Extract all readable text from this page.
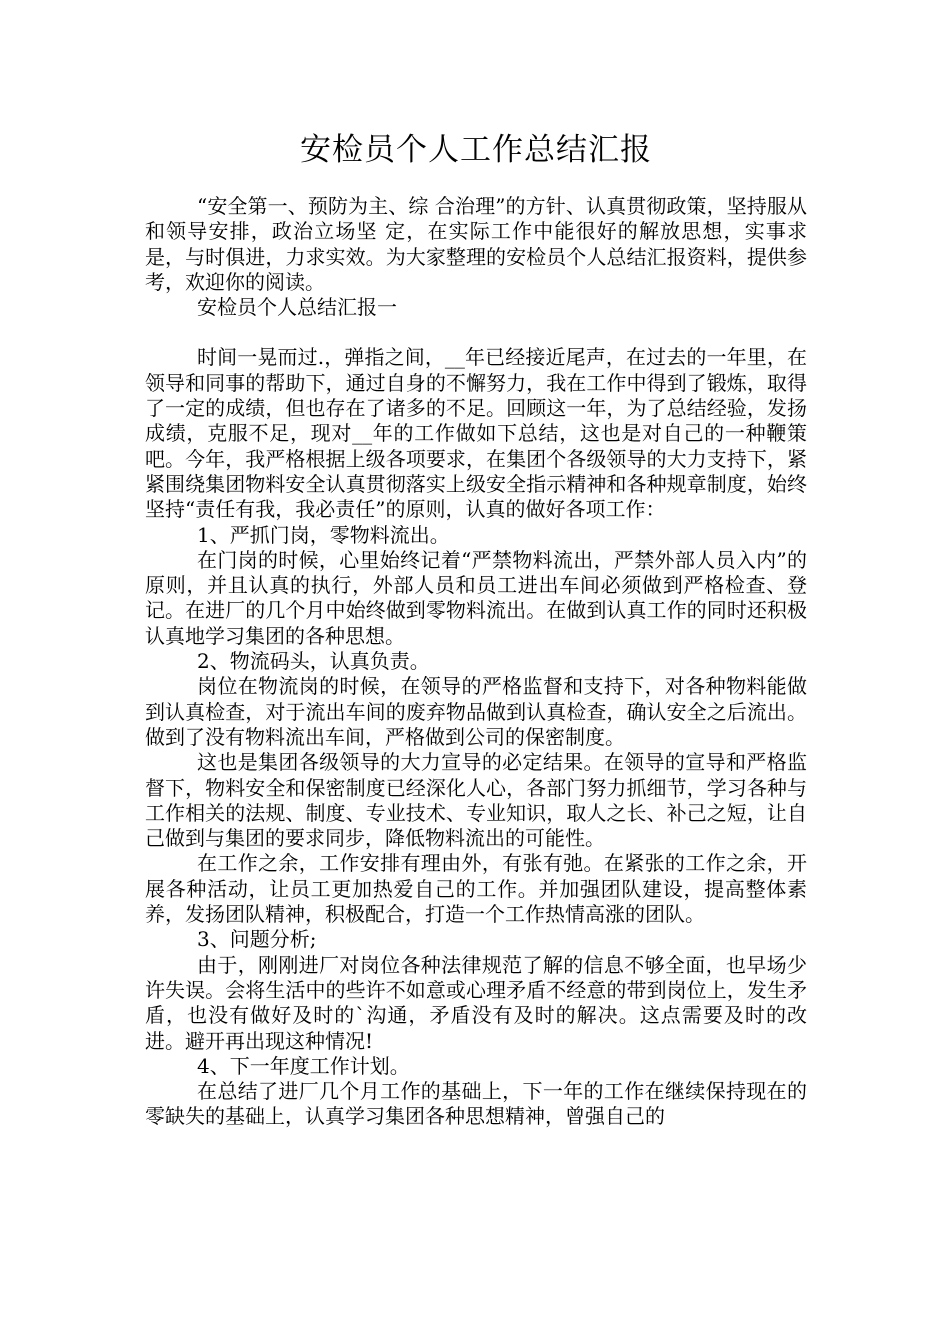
安检员个人工作总结汇报

“安全第一、预防为主、综 合治理”的方针、认真贯彻政策，坚持服从和领导安排，政治立场坚 定，在实际工作中能很好的解放思想，实事求是，与时俱进，力求实效。为大家整理的安检员个人总结汇报资料，提供参考，欢迎你的阅读。

安检员个人总结汇报一

时间一晃而过.，弹指之间，__年已经接近尾声，在过去的一年里，在领导和同事的帮助下，通过自身的不懈努力，我在工作中得到了锻炼，取得了一定的成绩，但也存在了诸多的不足。回顾这一年，为了总结经验，发扬成绩，克服不足，现对__年的工作做如下总结，这也是对自己的一种鞭策吧。今年，我严格根据上级各项要求，在集团个各级领导的大力支持下，紧紧围绕集团物料安全认真贯彻落实上级安全指示精神和各种规章制度，始终坚持“责任有我，我必责任”的原则，认真的做好各项工作：

1、严抓门岗，零物料流出。

在门岗的时候，心里始终记着“严禁物料流出，严禁外部人员入内”的原则，并且认真的执行，外部人员和员工进出车间必须做到严格检查、登记。在进厂的几个月中始终做到零物料流出。在做到认真工作的同时还积极认真地学习集团的各种思想。

2、物流码头，认真负责。

岗位在物流岗的时候，在领导的严格监督和支持下，对各种物料能做到认真检查，对于流出车间的废弃物品做到认真检查，确认安全之后流出。做到了没有物料流出车间，严格做到公司的保密制度。

这也是集团各级领导的大力宣导的必定结果。在领导的宣导和严格监督下，物料安全和保密制度已经深化人心，各部门努力抓细节，学习各种与工作相关的法规、制度、专业技术、专业知识，取人之长、补己之短，让自己做到与集团的要求同步，降低物料流出的可能性。

在工作之余，工作安排有理由外，有张有弛。在紧张的工作之余，开展各种活动，让员工更加热爱自己的工作。并加强团队建设，提高整体素养，发扬团队精神，积极配合，打造一个工作热情高涨的团队。

3、问题分析;

由于，刚刚进厂对岗位各种法律规范了解的信息不够全面，也早场少许失误。会将生活中的些许不如意或心理矛盾不经意的带到岗位上，发生矛盾，也没有做好及时的`沟通，矛盾没有及时的解决。这点需要及时的改进。避开再出现这种情况!

4、下一年度工作计划。

在总结了进厂几个月工作的基础上，下一年的工作在继续保持现在的零缺失的基础上，认真学习集团各种思想精神，曾强自己的
